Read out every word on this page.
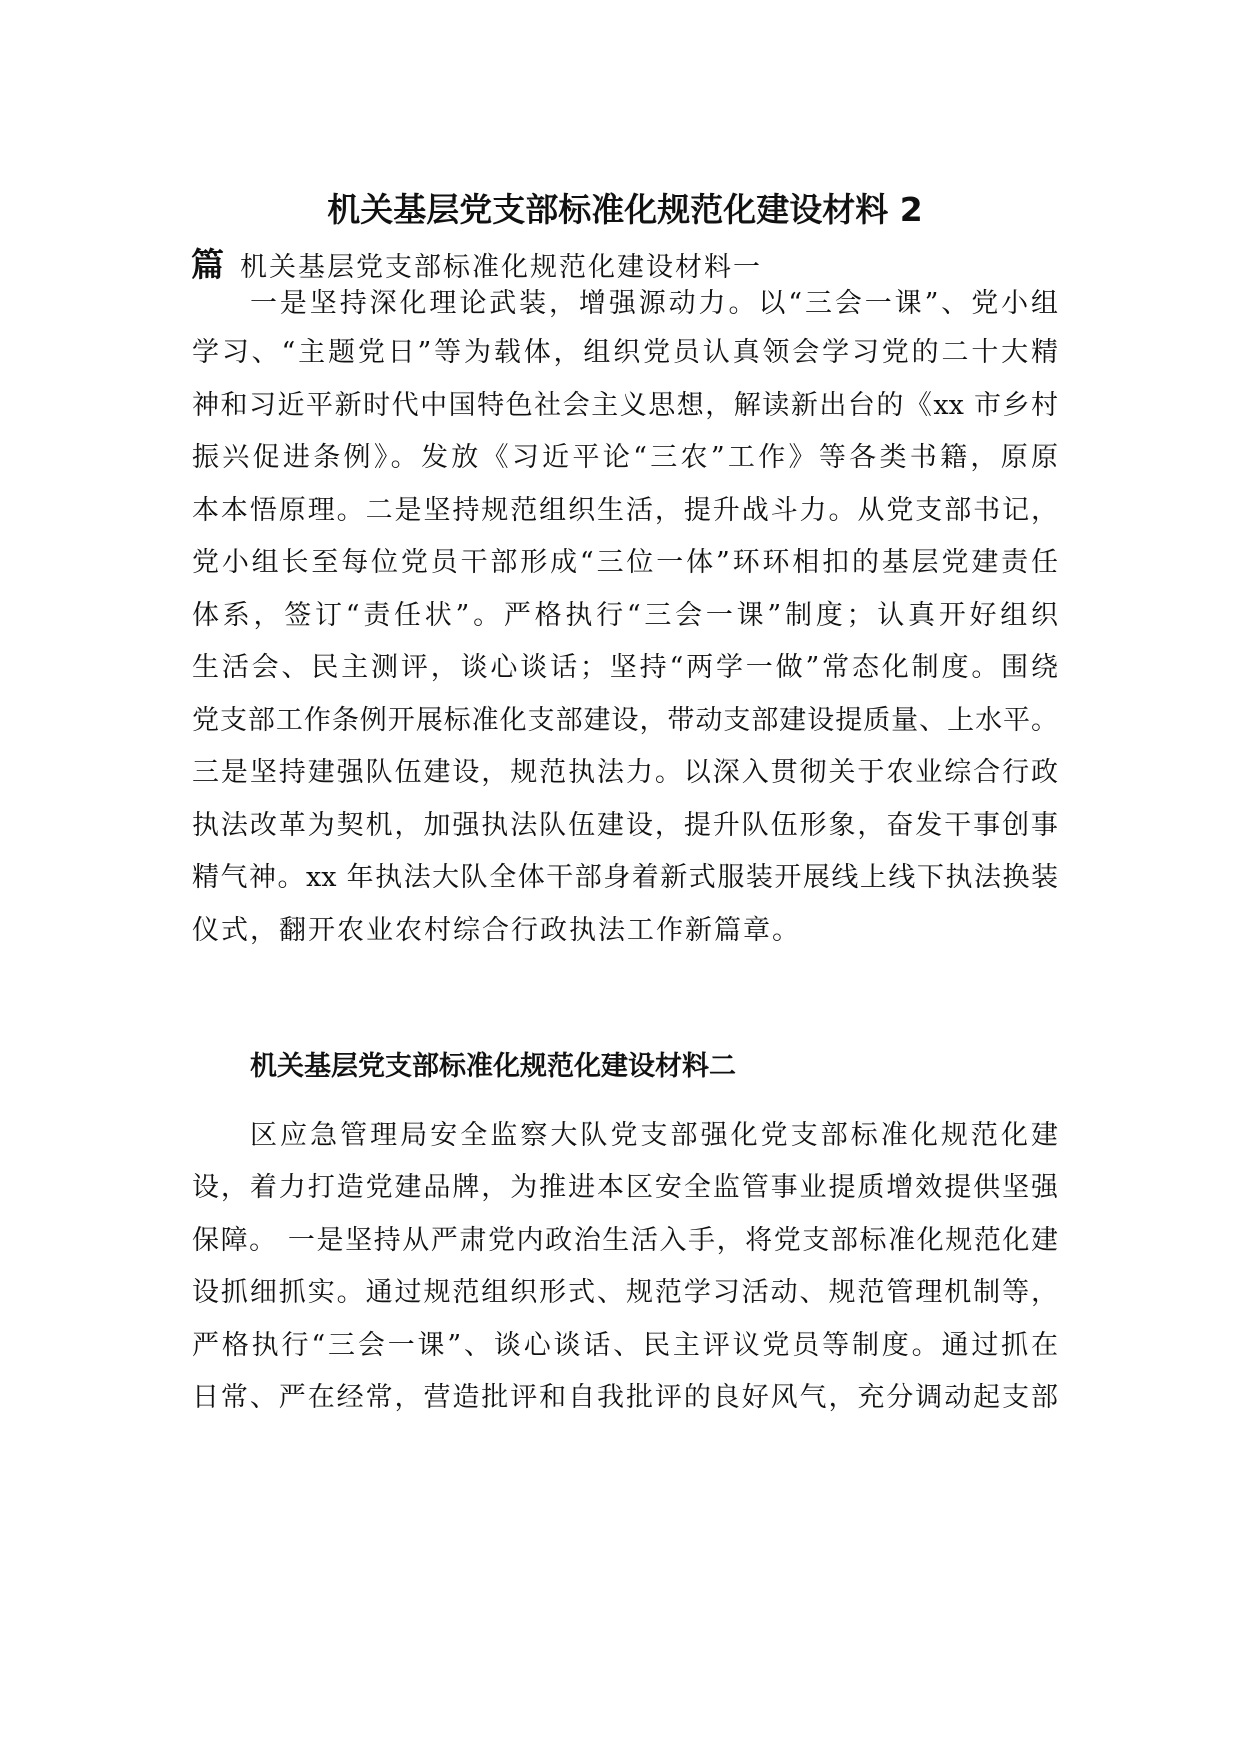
机关基层党支部标准化规范化建设材料 2
篇 机关基层党支部标准化规范化建设材料一
一是坚持深化理论武装，增强源动力。以“三会一课”、党小组
学习、“主题党日”等为载体，组织党员认真领会学习党的二十大精
神和习近平新时代中国特色社会主义思想，解读新出台的《xx 市乡村
振兴促进条例》。发放《习近平论“三农”工作》等各类书籍，原原
本本悟原理。二是坚持规范组织生活，提升战斗力。从党支部书记，
党小组长至每位党员干部形成“三位一体”环环相扣的基层党建责任
体系，签订“责任状”。严格执行“三会一课”制度；认真开好组织
生活会、民主测评，谈心谈话；坚持“两学一做”常态化制度。围绕
党支部工作条例开展标准化支部建设，带动支部建设提质量、上水平。
三是坚持建强队伍建设，规范执法力。以深入贯彻关于农业综合行政
执法改革为契机，加强执法队伍建设，提升队伍形象，奋发干事创事
精气神。xx 年执法大队全体干部身着新式服装开展线上线下执法换装
仪式，翻开农业农村综合行政执法工作新篇章。
机关基层党支部标准化规范化建设材料二
区应急管理局安全监察大队党支部强化党支部标准化规范化建
设，着力打造党建品牌，为推进本区安全监管事业提质增效提供坚强
保障。 一是坚持从严肃党内政治生活入手，将党支部标准化规范化建
设抓细抓实。通过规范组织形式、规范学习活动、规范管理机制等，
严格执行“三会一课”、谈心谈话、民主评议党员等制度。通过抓在
日常、严在经常，营造批评和自我批评的良好风气，充分调动起支部
